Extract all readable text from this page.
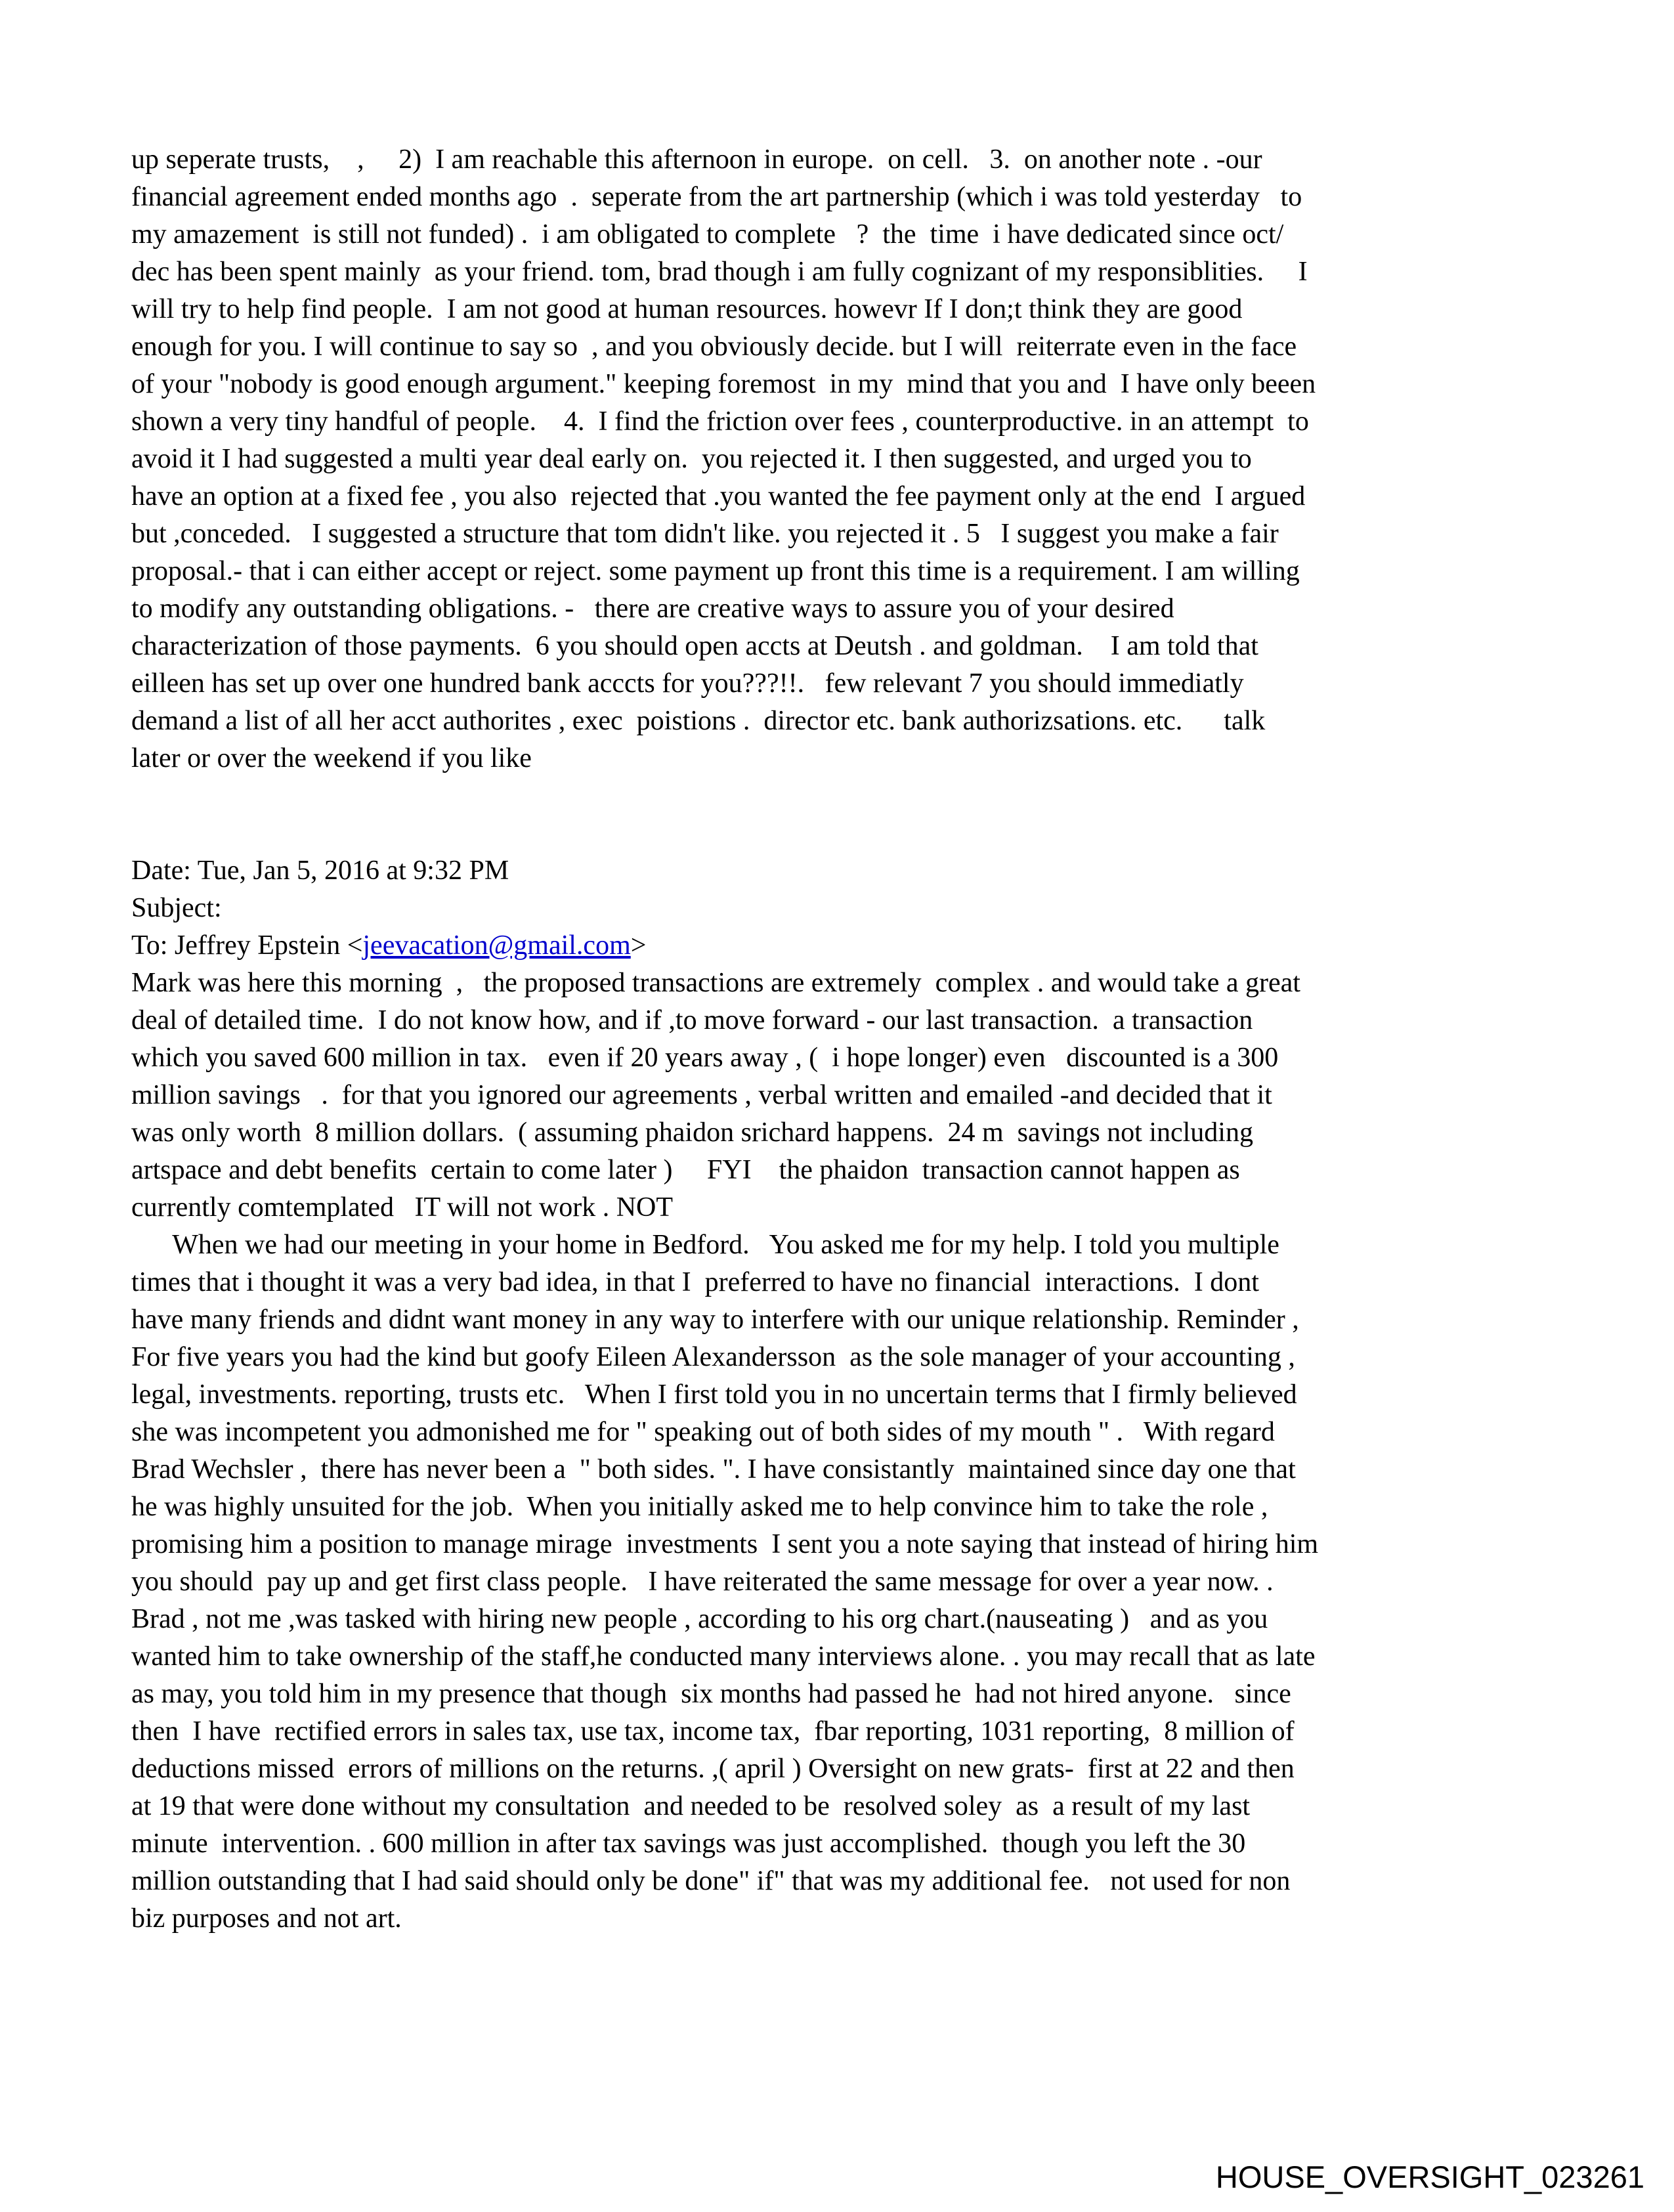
up seperate trusts,    ,     2)  I am reachable this afternoon in europe.  on cell.   3.  on another note . -our
financial agreement ended months ago  .  seperate from the art partnership (which i was told yesterday   to
my amazement  is still not funded) .  i am obligated to complete   ?  the  time  i have dedicated since oct/
dec has been spent mainly  as your friend. tom, brad though i am fully cognizant of my responsiblities.     I
will try to help find people.  I am not good at human resources. howevr If I don;t think they are good
enough for you. I will continue to say so  , and you obviously decide. but I will  reiterrate even in the face
of your "nobody is good enough argument." keeping foremost  in my  mind that you and  I have only beeen
shown a very tiny handful of people.    4.  I find the friction over fees , counterproductive. in an attempt  to
avoid it I had suggested a multi year deal early on.  you rejected it. I then suggested, and urged you to
have an option at a fixed fee , you also  rejected that .you wanted the fee payment only at the end  I argued
but ,conceded.   I suggested a structure that tom didn't like. you rejected it . 5   I suggest you make a fair
proposal.- that i can either accept or reject. some payment up front this time is a requirement. I am willing
to modify any outstanding obligations. -   there are creative ways to assure you of your desired
characterization of those payments.  6 you should open accts at Deutsh . and goldman.    I am told that
eilleen has set up over one hundred bank acccts for you???!!.   few relevant 7 you should immediatly
demand a list of all her acct authorites , exec  poistions .  director etc. bank authorizsations. etc.      talk
later or over the weekend if you like
Date: Tue, Jan 5, 2016 at 9:32 PM
Subject:
To: Jeffrey Epstein <jeevacation@gmail.com>
Mark was here this morning  ,   the proposed transactions are extremely  complex . and would take a great
deal of detailed time.  I do not know how, and if ,to move forward - our last transaction.  a transaction
which you saved 600 million in tax.   even if 20 years away , (  i hope longer) even   discounted is a 300
million savings   .  for that you ignored our agreements , verbal written and emailed -and decided that it
was only worth  8 million dollars.  ( assuming phaidon srichard happens.  24 m  savings not including
artspace and debt benefits  certain to come later )     FYI    the phaidon  transaction cannot happen as
currently comtemplated   IT will not work . NOT
When we had our meeting in your home in Bedford.   You asked me for my help. I told you multiple
times that i thought it was a very bad idea, in that I  preferred to have no financial  interactions.  I dont
have many friends and didnt want money in any way to interfere with our unique relationship. Reminder ,
For five years you had the kind but goofy Eileen Alexandersson  as the sole manager of your accounting ,
legal, investments. reporting, trusts etc.   When I first told you in no uncertain terms that I firmly believed
she was incompetent you admonished me for " speaking out of both sides of my mouth " .   With regard
Brad Wechsler ,  there has never been a  " both sides. ". I have consistantly  maintained since day one that
he was highly unsuited for the job.  When you initially asked me to help convince him to take the role ,
promising him a position to manage mirage  investments  I sent you a note saying that instead of hiring him
you should  pay up and get first class people.   I have reiterated the same message for over a year now. .
Brad , not me ,was tasked with hiring new people , according to his org chart.(nauseating )   and as you
wanted him to take ownership of the staff,he conducted many interviews alone. . you may recall that as late
as may, you told him in my presence that though  six months had passed he  had not hired anyone.   since
then  I have  rectified errors in sales tax, use tax, income tax,  fbar reporting, 1031 reporting,  8 million of
deductions missed  errors of millions on the returns. ,( april ) Oversight on new grats-  first at 22 and then
at 19 that were done without my consultation  and needed to be  resolved soley  as  a result of my last
minute  intervention. . 600 million in after tax savings was just accomplished.  though you left the 30
million outstanding that I had said should only be done" if" that was my additional fee.   not used for non
biz purposes and not art.
HOUSE_OVERSIGHT_023261
